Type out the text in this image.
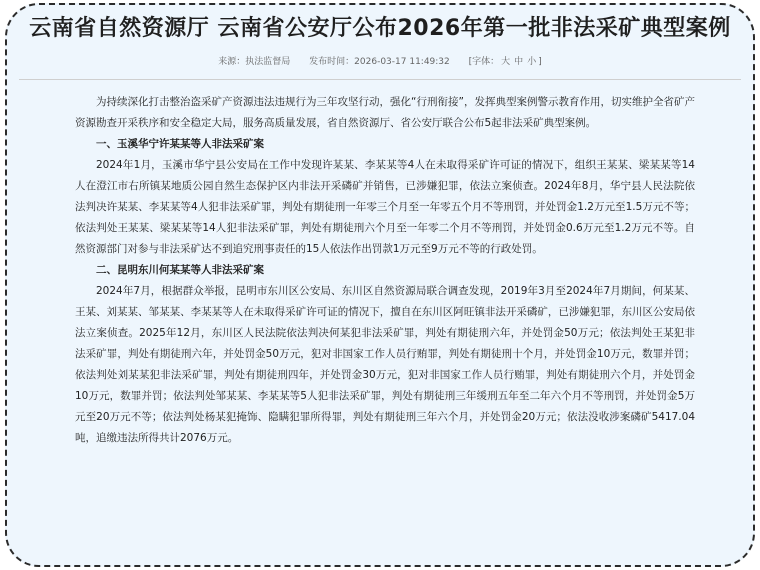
云南省自然资源厅 云南省公安厅公布2026年第一批非法采矿典型案例
来源：执法监督局 发布时间：2026-03-17 11:49:32 [字体： 大 中 小 ]

为持续深化打击整治盗采矿产资源违法违规行为三年攻坚行动，强化“行刑衔接”，发挥典型案例警示教育作用，切实维护全省矿产资源勘查开采秩序和安全稳定大局，服务高质量发展，省自然资源厅、省公安厅联合公布5起非法采矿典型案例。

一、玉溪华宁许某某等人非法采矿案

2024年1月，玉溪市华宁县公安局在工作中发现许某某、李某某等4人在未取得采矿许可证的情况下，组织王某某、梁某某等14人在澄江市右所镇某地质公园自然生态保护区内非法开采磷矿并销售，已涉嫌犯罪，依法立案侦查。2024年8月，华宁县人民法院依法判决许某某、李某某等4人犯非法采矿罪，判处有期徒刑一年零三个月至一年零五个月不等刑罚，并处罚金1.2万元至1.5万元不等；依法判处王某某、梁某某等14人犯非法采矿罪，判处有期徒刑六个月至一年零二个月不等刑罚，并处罚金0.6万元至1.2万元不等。自然资源部门对参与非法采矿达不到追究刑事责任的15人依法作出罚款1万元至9万元不等的行政处罚。

二、昆明东川何某某等人非法采矿案

2024年7月，根据群众举报，昆明市东川区公安局、东川区自然资源局联合调查发现，2019年3月至2024年7月期间，何某某、王某、刘某某、邹某某、李某某等人在未取得采矿许可证的情况下，擅自在东川区阿旺镇非法开采磷矿，已涉嫌犯罪，东川区公安局依法立案侦查。2025年12月，东川区人民法院依法判决何某犯非法采矿罪，判处有期徒刑六年，并处罚金50万元；依法判处王某犯非法采矿罪，判处有期徒刑六年，并处罚金50万元，犯对非国家工作人员行贿罪，判处有期徒刑十个月，并处罚金10万元，数罪并罚；依法判处刘某某犯非法采矿罪，判处有期徒刑四年，并处罚金30万元，犯对非国家工作人员行贿罪，判处有期徒刑六个月，并处罚金10万元，数罪并罚；依法判处邹某某、李某某等5人犯非法采矿罪，判处有期徒刑三年缓刑五年至二年六个月不等刑罚，并处罚金5万元至20万元不等；依法判处杨某犯掩饰、隐瞒犯罪所得罪，判处有期徒刑三年六个月，并处罚金20万元；依法没收涉案磷矿5417.04吨，追缴违法所得共计2076万元。
